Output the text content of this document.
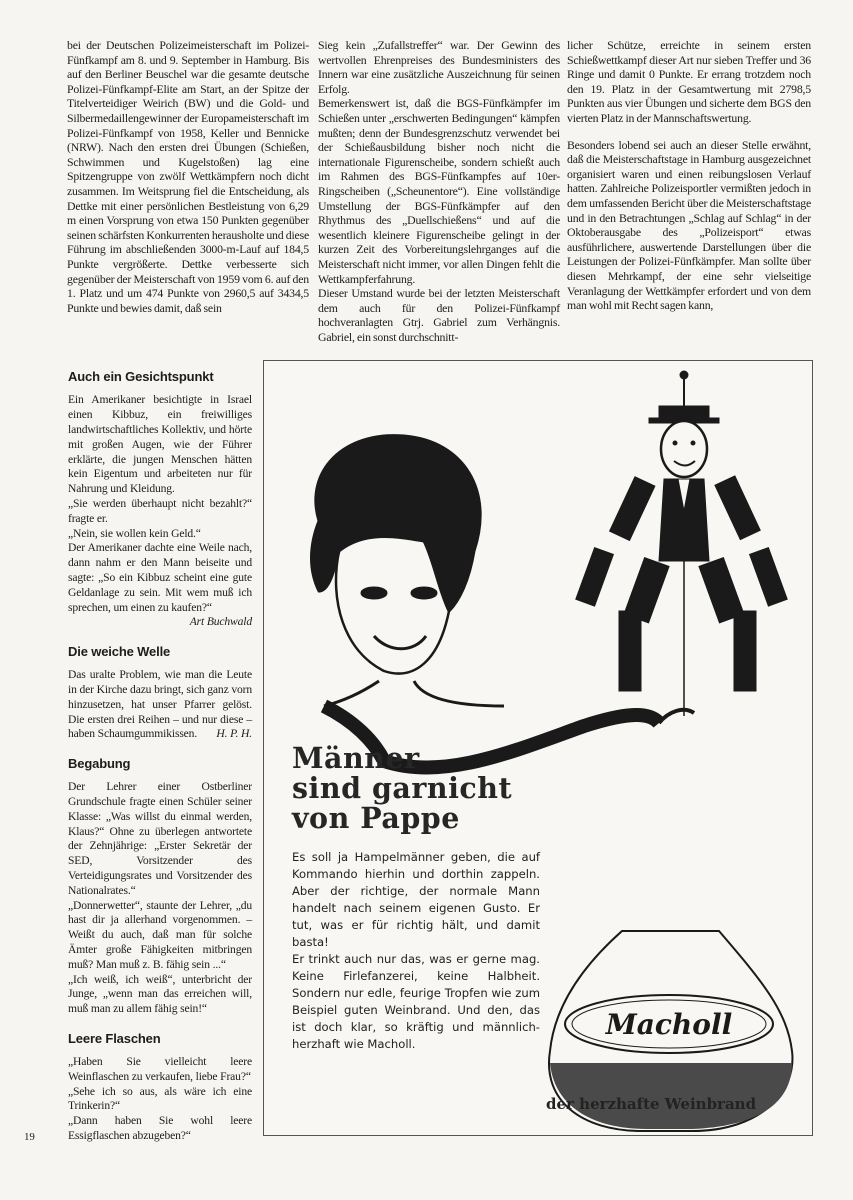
bei der Deutschen Polizeimeisterschaft im Polizei-Fünfkampf am 8. und 9. September in Hamburg. Bis auf den Berliner Beuschel war die gesamte deutsche Polizei-Fünfkampf-Elite am Start, an der Spitze der Titelverteidiger Weirich (BW) und die Gold- und Silbermedaillengewinner der Europameisterschaft im Polizei-Fünfkampf von 1958, Keller und Bennicke (NRW). Nach den ersten drei Übungen (Schießen, Schwimmen und Kugelstoßen) lag eine Spitzengruppe von zwölf Wettkämpfern noch dicht zusammen. Im Weitsprung fiel die Entscheidung, als Dettke mit einer persönlichen Bestleistung von 6,29 m einen Vorsprung von etwa 150 Punkten gegenüber seinen schärfsten Konkurrenten herausholte und diese Führung im abschließenden 3000-m-Lauf auf 184,5 Punkte vergrößerte. Dettke verbesserte sich gegenüber der Meisterschaft von 1959 vom 6. auf den 1. Platz und um 474 Punkte von 2960,5 auf 3434,5 Punkte und bewies damit, daß sein

Sieg kein „Zufallstreffer“ war. Der Gewinn des wertvollen Ehrenpreises des Bundesministers des Innern war eine zusätzliche Auszeichnung für seinen Erfolg.

Bemerkenswert ist, daß die BGS-Fünfkämpfer im Schießen unter „erschwerten Bedingungen“ kämpfen mußten; denn der Bundesgrenzschutz verwendet bei der Schießausbildung bisher noch nicht die internationale Figurenscheibe, sondern schießt auch im Rahmen des BGS-Fünfkampfes auf 10er-Ringscheiben („Scheunentore“). Eine vollständige Umstellung der BGS-Fünfkämpfer auf den Rhythmus des „Duellschießens“ und auf die wesentlich kleinere Figurenscheibe gelingt in der kurzen Zeit des Vorbereitungslehrganges auf die Meisterschaft nicht immer, vor allen Dingen fehlt die Wettkampferfahrung.

Dieser Umstand wurde bei der letzten Meisterschaft dem auch für den Polizei-Fünfkampf hochveranlagten Gtrj. Gabriel zum Verhängnis. Gabriel, ein sonst durchschnitt-

licher Schütze, erreichte in seinem ersten Schießwettkampf dieser Art nur sieben Treffer und 36 Ringe und damit 0 Punkte. Er errang trotzdem noch den 19. Platz in der Gesamtwertung mit 2798,5 Punkten aus vier Übungen und sicherte dem BGS den vierten Platz in der Mannschaftswertung.

Besonders lobend sei auch an dieser Stelle erwähnt, daß die Meisterschaftstage in Hamburg ausgezeichnet organisiert waren und einen reibungslosen Verlauf hatten. Zahlreiche Polizeisportler vermißten jedoch in dem umfassenden Bericht über die Meisterschaftstage und in den Betrachtungen „Schlag auf Schlag“ in der Oktoberausgabe des „Polizeisport“ etwas ausführlichere, auswertende Darstellungen über die Leistungen der Polizei-Fünfkämpfer. Man sollte über diesen Mehrkampf, der eine sehr vielseitige Veranlagung der Wettkämpfer erfordert und von dem man wohl mit Recht sagen kann,

Auch ein Gesichtspunkt

Ein Amerikaner besichtigte in Israel einen Kibbuz, ein freiwilliges landwirtschaftliches Kollektiv, und hörte mit großen Augen, wie der Führer erklärte, die jungen Menschen hätten kein Eigentum und arbeiteten nur für Nahrung und Kleidung.

„Sie werden überhaupt nicht bezahlt?“ fragte er.

„Nein, sie wollen kein Geld.“

Der Amerikaner dachte eine Weile nach, dann nahm er den Mann beiseite und sagte: „So ein Kibbuz scheint eine gute Geldanlage zu sein. Mit wem muß ich sprechen, um einen zu kaufen?“
Art Buchwald

Die weiche Welle

Das uralte Problem, wie man die Leute in der Kirche dazu bringt, sich ganz vorn hinzusetzen, hat unser Pfarrer gelöst. Die ersten drei Reihen – und nur diese – haben Schaumgummikissen. H. P. H.

Begabung

Der Lehrer einer Ostberliner Grundschule fragte einen Schüler seiner Klasse: „Was willst du einmal werden, Klaus?“ Ohne zu überlegen antwortete der Zehnjährige: „Erster Sekretär der SED, Vorsitzender des Verteidigungsrates und Vorsitzender des Nationalrates.“

„Donnerwetter“, staunte der Lehrer, „du hast dir ja allerhand vorgenommen. – Weißt du auch, daß man für solche Ämter große Fähigkeiten mitbringen muß? Man muß z. B. fähig sein ...“

„Ich weiß, ich weiß“, unterbricht der Junge, „wenn man das erreichen will, muß man zu allem fähig sein!“

Leere Flaschen

„Haben Sie vielleicht leere Weinflaschen zu verkaufen, liebe Frau?“

„Sehe ich so aus, als wäre ich eine Trinkerin?“

„Dann haben Sie wohl leere Essigflaschen abzugeben?“

19
Macholl
Männer
sind garnicht
von Pappe

Es soll ja Hampelmänner geben, die auf Kommando hierhin und dorthin zappeln. Aber der richtige, der normale Mann handelt nach seinem eigenen Gusto. Er tut, was er für richtig hält, und damit basta!

Er trinkt auch nur das, was er gerne mag. Keine Firlefanzerei, keine Halbheit. Sondern nur edle, feurige Tropfen wie zum Beispiel guten Weinbrand. Und den, das ist doch klar, so kräftig und männlich-herzhaft wie Macholl.

der herzhafte Weinbrand
